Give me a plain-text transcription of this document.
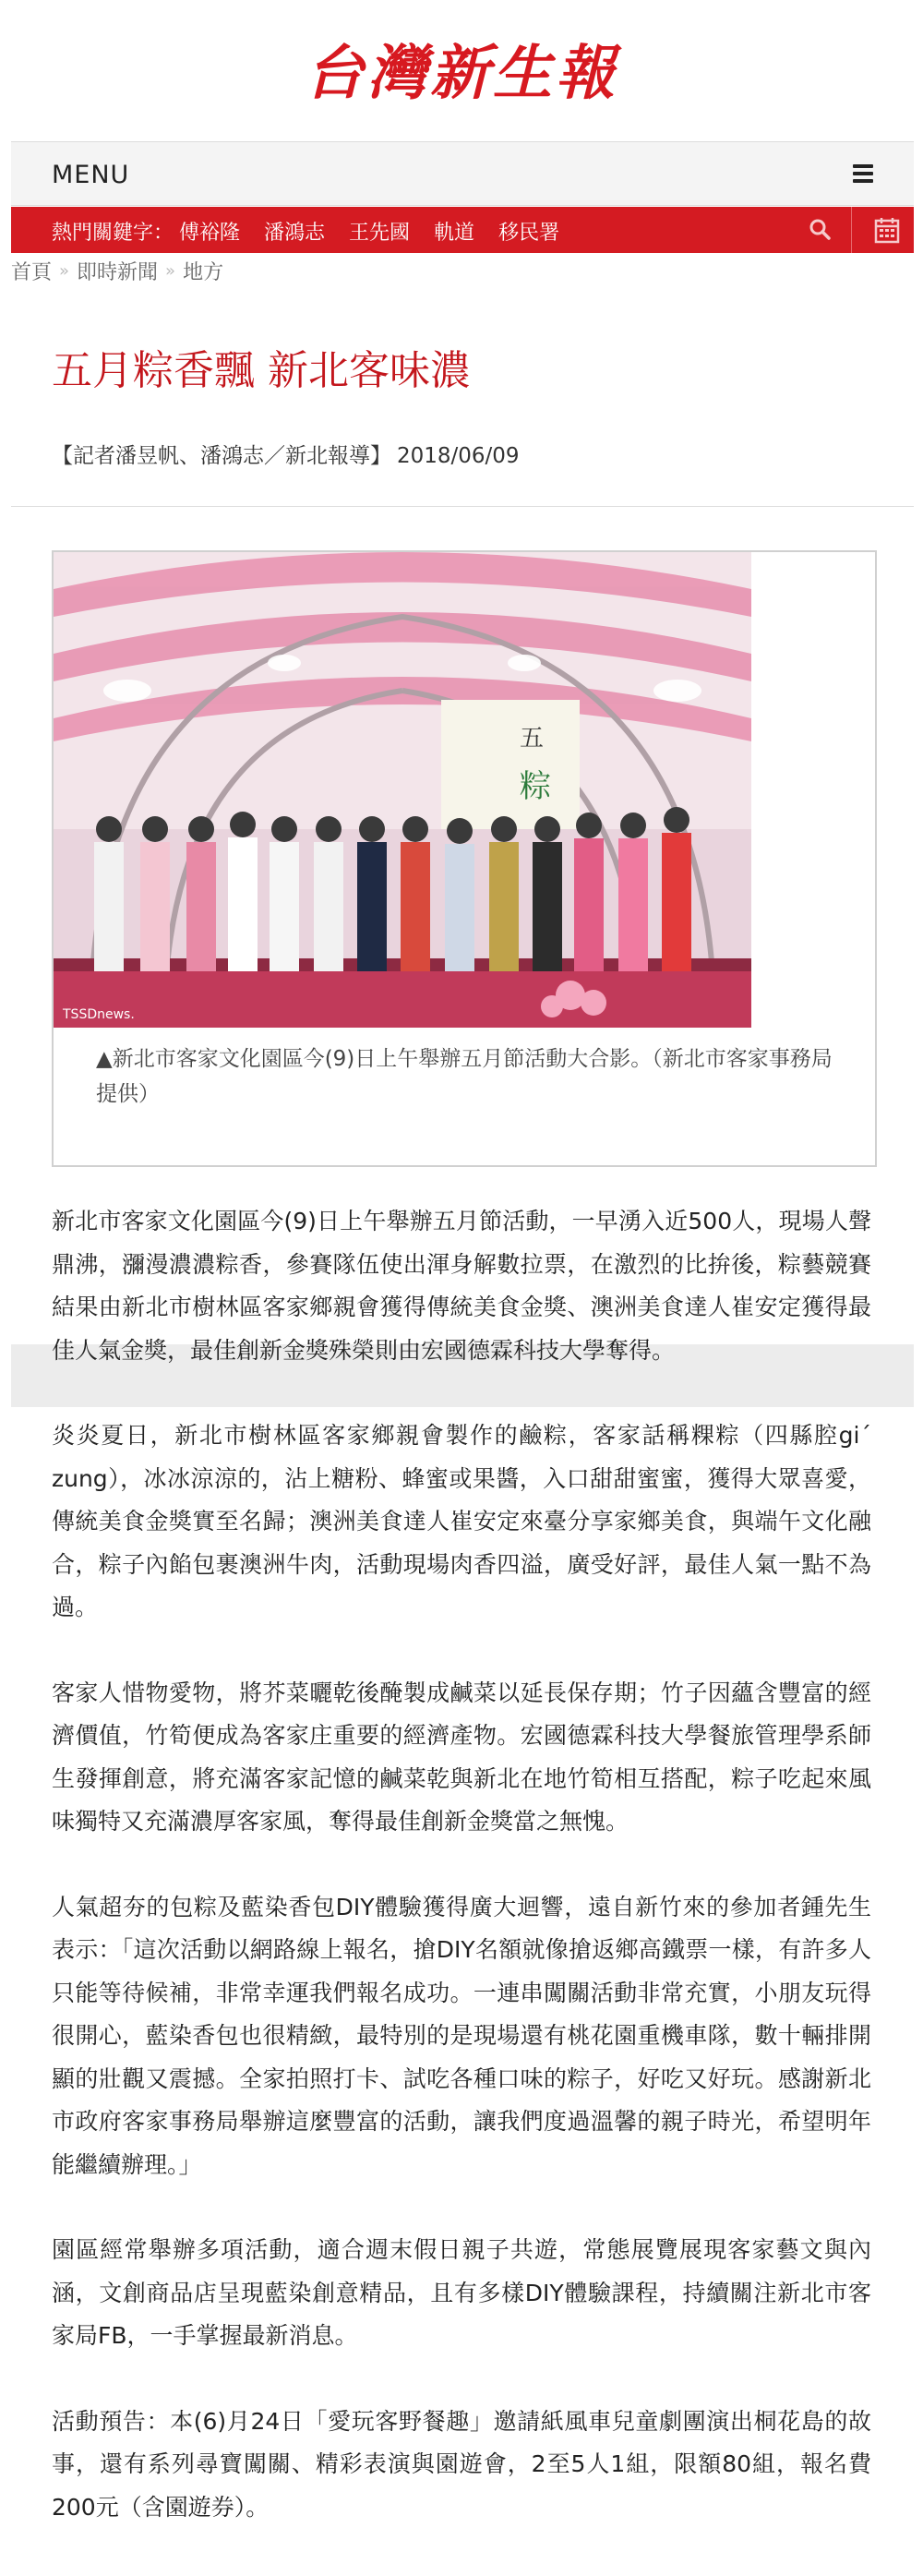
台灣新生報
MENU
熱門關鍵字： 傅裕隆 潘鴻志 王先國 軌道 移民署
首頁 » 即時新聞 » 地方
五月粽香飄 新北客味濃
【記者潘昱帆、潘鴻志／新北報導】 2018/06/09
五
粽
TSSDnews.
▲新北市客家文化園區今(9)日上午舉辦五月節活動大合影。（新北市客家事務局提供）

新北市客家文化園區今(9)日上午舉辦五月節活動，一早湧入近500人，現場人聲鼎沸，瀰漫濃濃粽香，參賽隊伍使出渾身解數拉票，在激烈的比拚後，粽藝競賽結果由新北市樹林區客家鄉親會獲得傳統美食金獎、澳洲美食達人崔安定獲得最佳人氣金獎，最佳創新金獎殊榮則由宏國德霖科技大學奪得。

炎炎夏日，新北市樹林區客家鄉親會製作的鹼粽，客家話稱粿粽（四縣腔gi´ zung），冰冰涼涼的，沾上糖粉、蜂蜜或果醬，入口甜甜蜜蜜，獲得大眾喜愛，傳統美食金獎實至名歸；澳洲美食達人崔安定來臺分享家鄉美食，與端午文化融合，粽子內餡包裹澳洲牛肉，活動現場肉香四溢，廣受好評，最佳人氣一點不為過。

客家人惜物愛物，將芥菜曬乾後醃製成鹹菜以延長保存期；竹子因蘊含豐富的經濟價值，竹筍便成為客家庄重要的經濟產物。宏國德霖科技大學餐旅管理學系師生發揮創意，將充滿客家記憶的鹹菜乾與新北在地竹筍相互搭配，粽子吃起來風味獨特又充滿濃厚客家風，奪得最佳創新金獎當之無愧。

人氣超夯的包粽及藍染香包DIY體驗獲得廣大迴響，遠自新竹來的參加者鍾先生表示：「這次活動以網路線上報名，搶DIY名額就像搶返鄉高鐵票一樣，有許多人只能等待候補，非常幸運我們報名成功。一連串闖關活動非常充實，小朋友玩得很開心，藍染香包也很精緻，最特別的是現場還有桃花園重機車隊，數十輛排開顯的壯觀又震撼。全家拍照打卡、試吃各種口味的粽子，好吃又好玩。感謝新北市政府客家事務局舉辦這麼豐富的活動，讓我們度過溫馨的親子時光，希望明年能繼續辦理。」

園區經常舉辦多項活動，適合週末假日親子共遊，常態展覽展現客家藝文與內涵，文創商品店呈現藍染創意精品，且有多樣DIY體驗課程，持續關注新北市客家局FB，一手掌握最新消息。

活動預告：本(6)月24日「愛玩客野餐趣」邀請紙風車兒童劇團演出桐花島的故事，還有系列尋寶闖關、精彩表演與園遊會，2至5人1組，限額80組，報名費200元（含園遊券）。
